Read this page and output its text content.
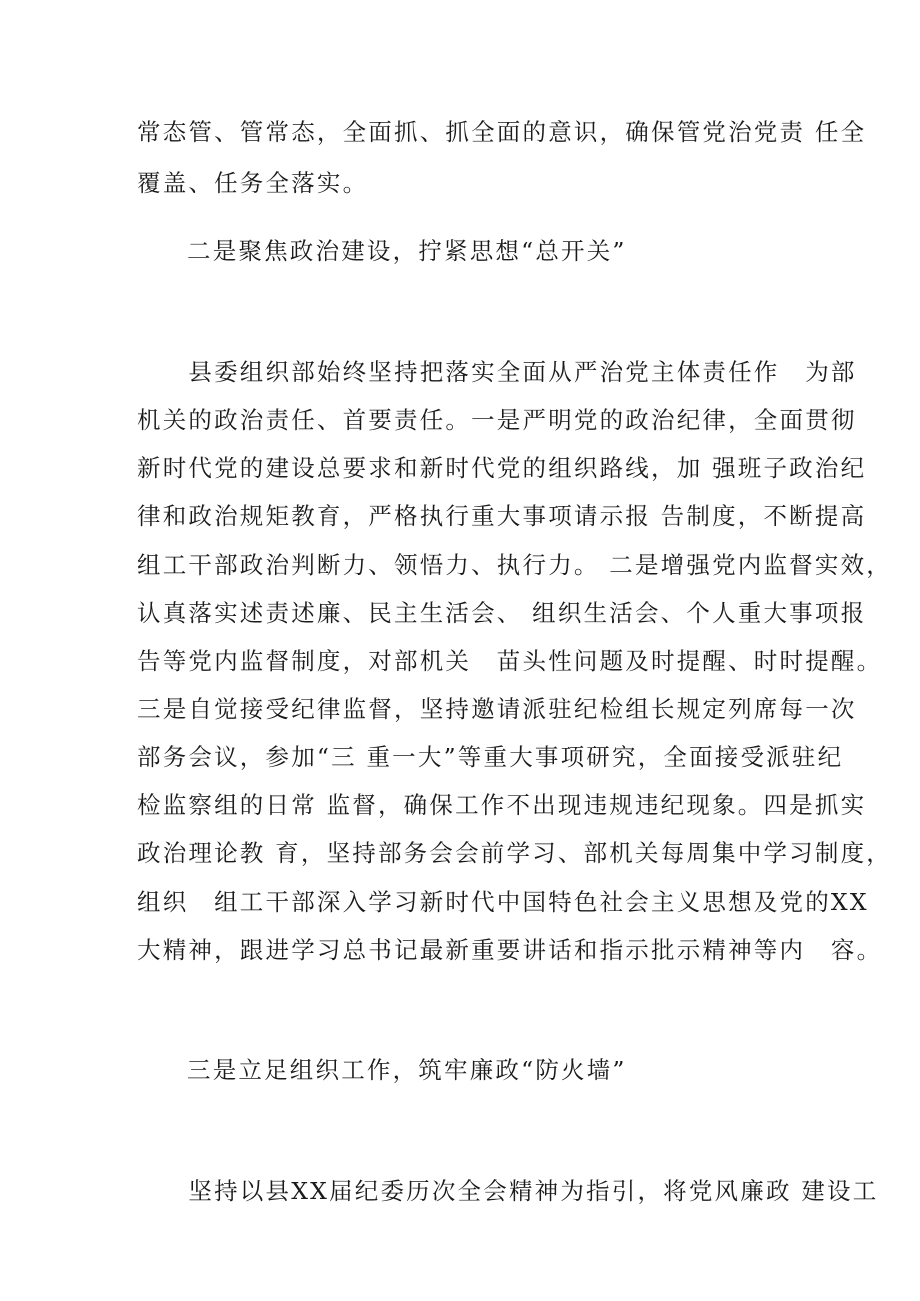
常态管、管常态，全面抓、抓全面的意识，确保管党治党责 任全
覆盖、任务全落实。
二是聚焦政治建设，拧紧思想“总开关”
　　县委组织部始终坚持把落实全面从严治党主体责任作　为部
机关的政治责任、首要责任。一是严明党的政治纪律，全面贯彻
新时代党的建设总要求和新时代党的组织路线，加 强班子政治纪
律和政治规矩教育，严格执行重大事项请示报 告制度，不断提高
组工干部政治判断力、领悟力、执行力。 二是增强党内监督实效，
认真落实述责述廉、民主生活会、 组织生活会、个人重大事项报
告等党内监督制度，对部机关　苗头性问题及时提醒、时时提醒。
三是自觉接受纪律监督，坚持邀请派驻纪检组长规定列席每一次
部务会议，参加“三 重一大”等重大事项研究，全面接受派驻纪
检监察组的日常 监督，确保工作不出现违规违纪现象。四是抓实
政治理论教 育，坚持部务会会前学习、部机关每周集中学习制度，
组织　组工干部深入学习新时代中国特色社会主义思想及党的XX
大精神，跟进学习总书记最新重要讲话和指示批示精神等内　容。
三是立足组织工作，筑牢廉政“防火墙”
　　坚持以县XX届纪委历次全会精神为指引，将党风廉政 建设工
